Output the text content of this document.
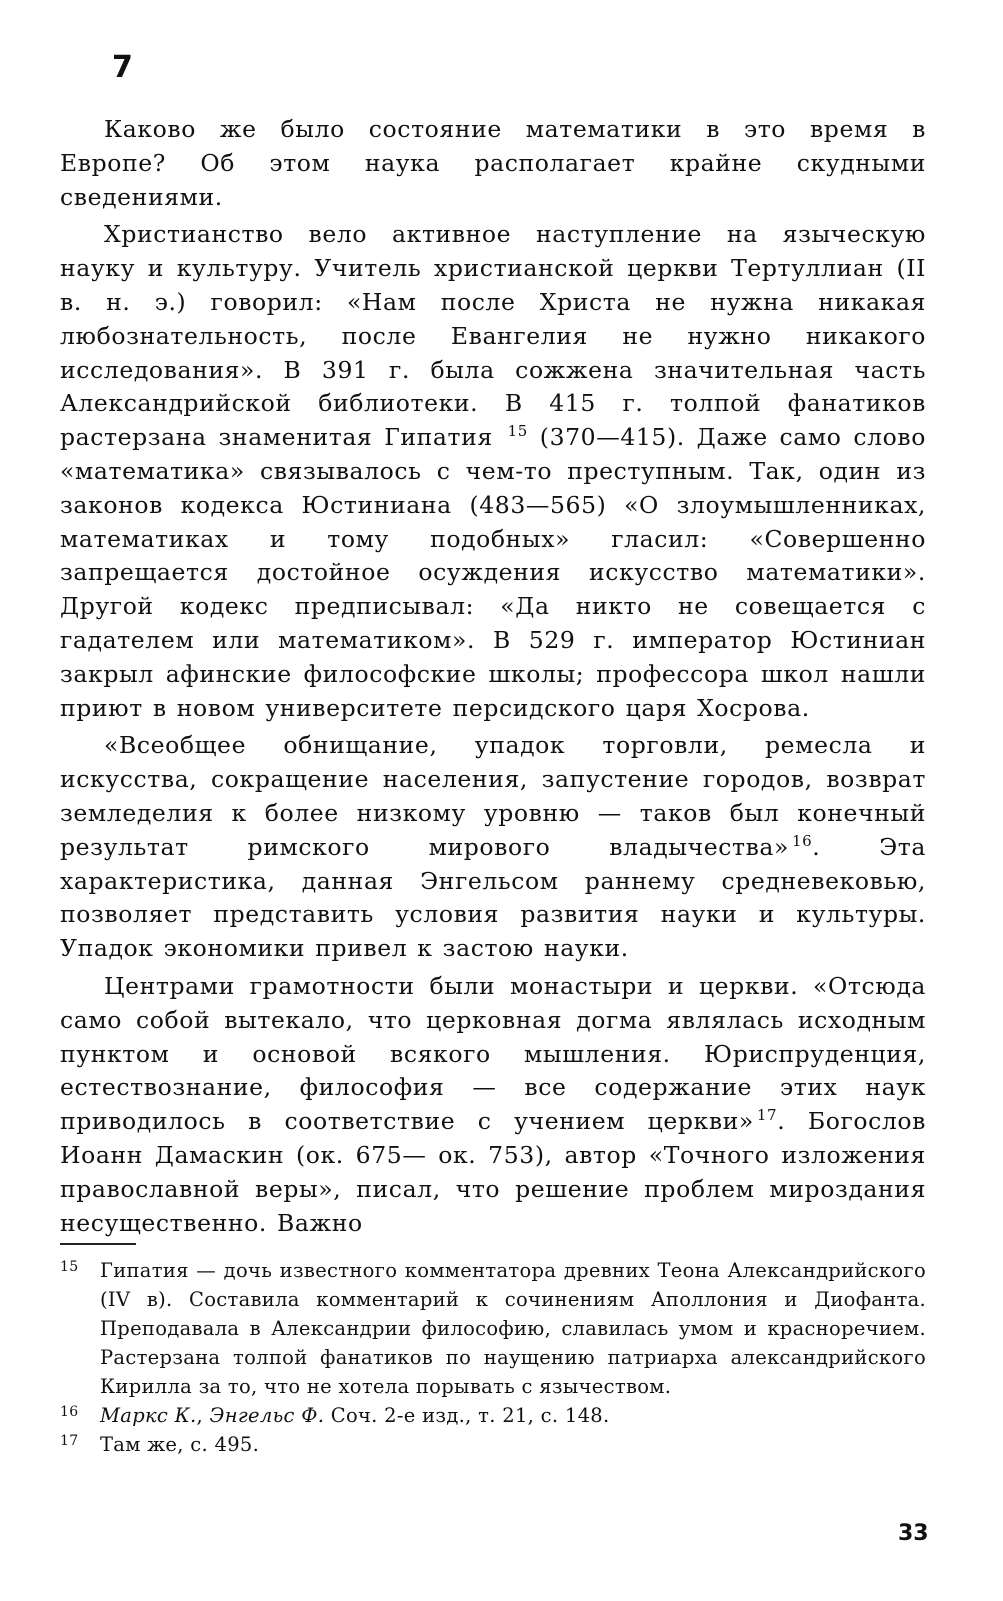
7

Каково же было состояние математики в это время в Европе? Об этом наука располагает крайне скудными сведениями.

Христианство вело активное наступление на языческую науку и культуру. Учитель христианской церкви Тертуллиан (II в. н. э.) говорил: «Нам после Христа не нужна никакая любознательность, после Евангелия не нужно никакого исследования». В 391 г. была сожжена значительная часть Александрийской библиотеки. В 415 г. толпой фанатиков растерзана знаменитая Гипатия $^{15}$ (370—415). Даже само слово «математика» связывалось с чем-то преступным. Так, один из законов кодекса Юстиниана (483—565) «О злоумышленниках, математиках и тому подобных» гласил: «Совершенно запрещается достойное осуждения искусство математики». Другой кодекс предписывал: «Да никто не совещается с гадателем или математиком». В 529 г. император Юстиниан закрыл афинские философские школы; профессора школ нашли приют в новом университете персидского царя Хосрова.

«Всеобщее обнищание, упадок торговли, ремесла и искусства, сокращение населения, запустение городов, возврат земледелия к более низкому уровню — таков был конечный результат римского мирового владычества» $^{16}$. Эта характеристика, данная Энгельсом раннему средневековью, позволяет представить условия развития науки и культуры. Упадок экономики привел к застою науки.

Центрами грамотности были монастыри и церкви. «Отсюда само собой вытекало, что церковная догма являлась исходным пунктом и основой всякого мышления. Юриспруденция, естествознание, философия — все содержание этих наук приводилось в соответствие с учением церкви» $^{17}$. Богослов Иоанн Дамаскин (ок. 675— ок. 753), автор «Точного изложения православной веры», писал, что решение проблем мироздания несущественно. Важно

15 Гипатия — дочь известного комментатора древних Теона Александрийского (IV в). Составила комментарий к сочинениям Аполлония и Диофанта. Преподавала в Александрии философию, славилась умом и красноречием. Растерзана толпой фанатиков по наущению патриарха александрийского Кирилла за то, что не хотела порывать с язычеством.
16 Маркс К., Энгельс Ф. Соч. 2-е изд., т. 21, с. 148.
17 Там же, с. 495.
33
